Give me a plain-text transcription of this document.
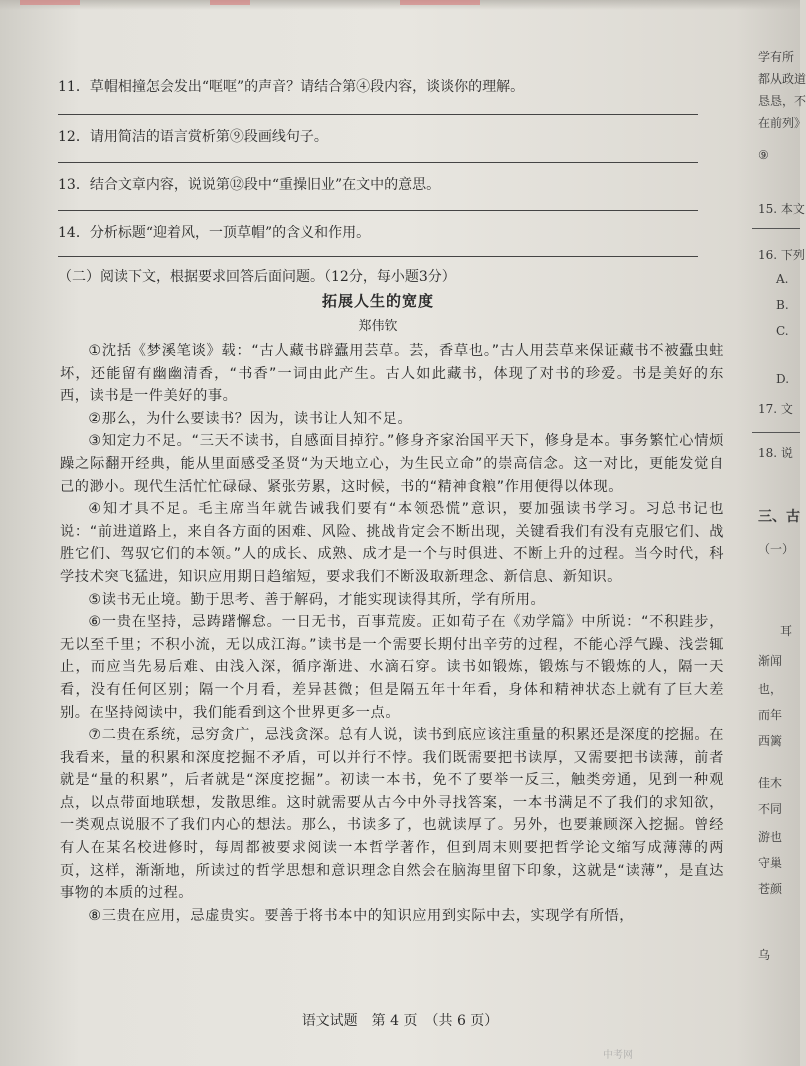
11．草帽相撞怎会发出“哐哐”的声音？请结合第④段内容，谈谈你的理解。
12．请用简洁的语言赏析第⑨段画线句子。
13．结合文章内容，说说第⑫段中“重操旧业”在文中的意思。
14．分析标题“迎着风，一顶草帽”的含义和作用。
（二）阅读下文，根据要求回答后面问题。（12分，每小题3分）
拓展人生的宽度
郑伟钦

①沈括《梦溪笔谈》载：“古人藏书辟蠹用芸草。芸，香草也。”古人用芸草来保证藏书不被蠹虫蛀坏，还能留有幽幽清香，“书香”一词由此产生。古人如此藏书，体现了对书的珍爱。书是美好的东西，读书是一件美好的事。

②那么，为什么要读书？因为，读书让人知不足。

③知定力不足。“三天不读书，自感面目掉狞。”修身齐家治国平天下，修身是本。事务繁忙心情烦躁之际翻开经典，能从里面感受圣贤“为天地立心，为生民立命”的崇高信念。这一对比，更能发觉自己的渺小。现代生活忙忙碌碌、紧张劳累，这时候，书的“精神食粮”作用便得以体现。

④知才具不足。毛主席当年就告诫我们要有“本领恐慌”意识，要加强读书学习。习总书记也说：“前进道路上，来自各方面的困难、风险、挑战肯定会不断出现，关键看我们有没有克服它们、战胜它们、驾驭它们的本领。”人的成长、成熟、成才是一个与时俱进、不断上升的过程。当今时代，科学技术突飞猛进，知识应用期日趋缩短，要求我们不断汲取新理念、新信息、新知识。

⑤读书无止境。勤于思考、善于解码，才能实现读得其所，学有所用。

⑥一贵在坚持，忌踌躇懈怠。一日无书，百事荒废。正如荀子在《劝学篇》中所说：“不积跬步，无以至千里；不积小流，无以成江海。”读书是一个需要长期付出辛劳的过程，不能心浮气躁、浅尝辄止，而应当先易后难、由浅入深，循序渐进、水滴石穿。读书如锻炼，锻炼与不锻炼的人，隔一天看，没有任何区别；隔一个月看，差异甚微；但是隔五年十年看，身体和精神状态上就有了巨大差别。在坚持阅读中，我们能看到这个世界更多一点。

⑦二贵在系统，忌穷贪广，忌浅贪深。总有人说，读书到底应该注重量的积累还是深度的挖掘。在我看来，量的积累和深度挖掘不矛盾，可以并行不悖。我们既需要把书读厚，又需要把书读薄，前者就是“量的积累”，后者就是“深度挖掘”。初读一本书，免不了要举一反三，触类旁通，见到一种观点，以点带面地联想，发散思维。这时就需要从古今中外寻找答案，一本书满足不了我们的求知欲，一类观点说服不了我们内心的想法。那么，书读多了，也就读厚了。另外，也要兼顾深入挖掘。曾经有人在某名校进修时，每周都被要求阅读一本哲学著作，但到周末则要把哲学论文缩写成薄薄的两页，这样，渐渐地，所读过的哲学思想和意识理念自然会在脑海里留下印象，这就是“读薄”，是直达事物的本质的过程。

⑧三贵在应用，忌虚贵实。要善于将书本中的知识应用到实际中去，实现学有所悟，

语文试题　第 4 页　（共 6 页）
学有所
都从政道
恳恳，不
在前列》
⑨
15. 本文
16. 下列
A.
B.
C.
D.
17. 文
18. 说
三、古
（一）
耳
渐闻
也，
而年
西篱
佳木
不同
游也
守巢
苍颜
乌
中考网
